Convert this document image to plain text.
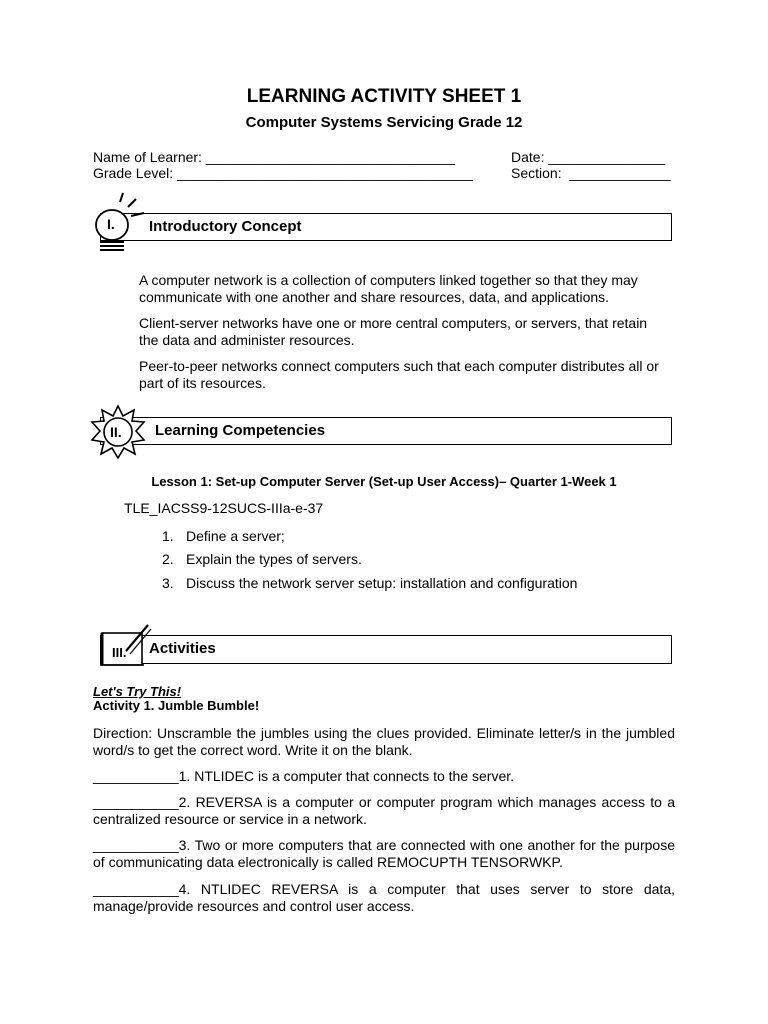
LEARNING ACTIVITY SHEET 1
Computer Systems Servicing Grade 12
Name of Learner: ________________________________
Grade Level: ______________________________________
Date: _______________
Section:  _____________
I. Introductory Concept
A computer network is a collection of computers linked together so that they may communicate with one another and share resources, data, and applications.
Client-server networks have one or more central computers, or servers, that retain the data and administer resources.
Peer-to-peer networks connect computers such that each computer distributes all or part of its resources.
II. Learning Competencies
Lesson 1: Set-up Computer Server (Set-up User Access)– Quarter 1-Week 1
TLE_IACSS9-12SUCS-IIIa-e-37
1. Define a server;
2. Explain the types of servers.
3. Discuss the network server setup: installation and configuration
III. Activities
Let's Try This!
Activity 1. Jumble Bumble!
Direction: Unscramble the jumbles using the clues provided. Eliminate letter/s in the jumbled word/s to get the correct word. Write it on the blank.
___________1. NTLIDEC is a computer that connects to the server.
___________2. REVERSA is a computer or computer program which manages access to a centralized resource or service in a network.
___________3. Two or more computers that are connected with one another for the purpose of communicating data electronically is called REMOCUPTH TENSORWKP.
___________4. NTLIDEC REVERSA is a computer that uses server to store data, manage/provide resources and control user access.
